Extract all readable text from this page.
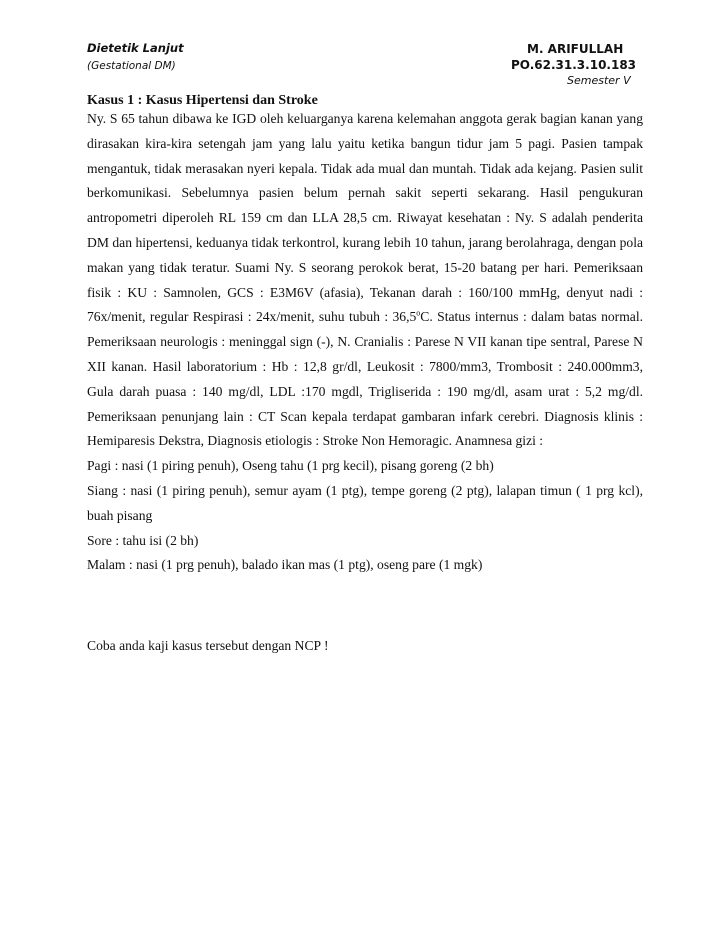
Dietetik Lanjut
(Gestational DM)
M. ARIFULLAH
PO.62.31.3.10.183
Semester V
Kasus 1 : Kasus Hipertensi dan Stroke

Ny. S 65 tahun dibawa ke IGD oleh keluarganya karena kelemahan anggota gerak bagian kanan yang dirasakan kira-kira setengah jam yang lalu yaitu ketika bangun tidur jam 5 pagi. Pasien tampak mengantuk, tidak merasakan nyeri kepala. Tidak ada mual dan muntah. Tidak ada kejang. Pasien sulit berkomunikasi. Sebelumnya pasien belum pernah sakit seperti sekarang. Hasil pengukuran antropometri diperoleh RL 159 cm dan LLA 28,5 cm. Riwayat kesehatan : Ny. S adalah penderita DM dan hipertensi, keduanya tidak terkontrol, kurang lebih 10 tahun, jarang berolahraga, dengan pola makan yang tidak teratur. Suami Ny. S seorang perokok berat, 15-20 batang per hari. Pemeriksaan fisik : KU : Samnolen, GCS : E3M6V (afasia), Tekanan darah : 160/100 mmHg, denyut nadi : 76x/menit, regular Respirasi : 24x/menit, suhu tubuh : 36,5$^o$C. Status internus : dalam batas normal. Pemeriksaan neurologis : meninggal sign (-), N. Cranialis : Parese N VII kanan tipe sentral, Parese N XII kanan. Hasil laboratorium : Hb : 12,8 gr/dl, Leukosit : 7800/mm3, Trombosit : 240.000mm3, Gula darah puasa : 140 mg/dl, LDL :170 mgdl, Trigliserida : 190 mg/dl, asam urat : 5,2 mg/dl. Pemeriksaan penunjang lain : CT Scan kepala terdapat gambaran infark cerebri. Diagnosis klinis : Hemiparesis Dekstra, Diagnosis etiologis : Stroke Non Hemoragic. Anamnesa gizi :

Pagi : nasi (1 piring penuh), Oseng tahu (1 prg kecil), pisang goreng (2 bh)

Siang : nasi (1 piring penuh), semur ayam (1 ptg), tempe goreng (2 ptg), lalapan timun ( 1 prg kcl), buah pisang

Sore : tahu isi (2 bh)

Malam : nasi (1 prg penuh), balado ikan mas (1 ptg), oseng pare (1 mgk)

Coba anda kaji kasus tersebut dengan NCP !
